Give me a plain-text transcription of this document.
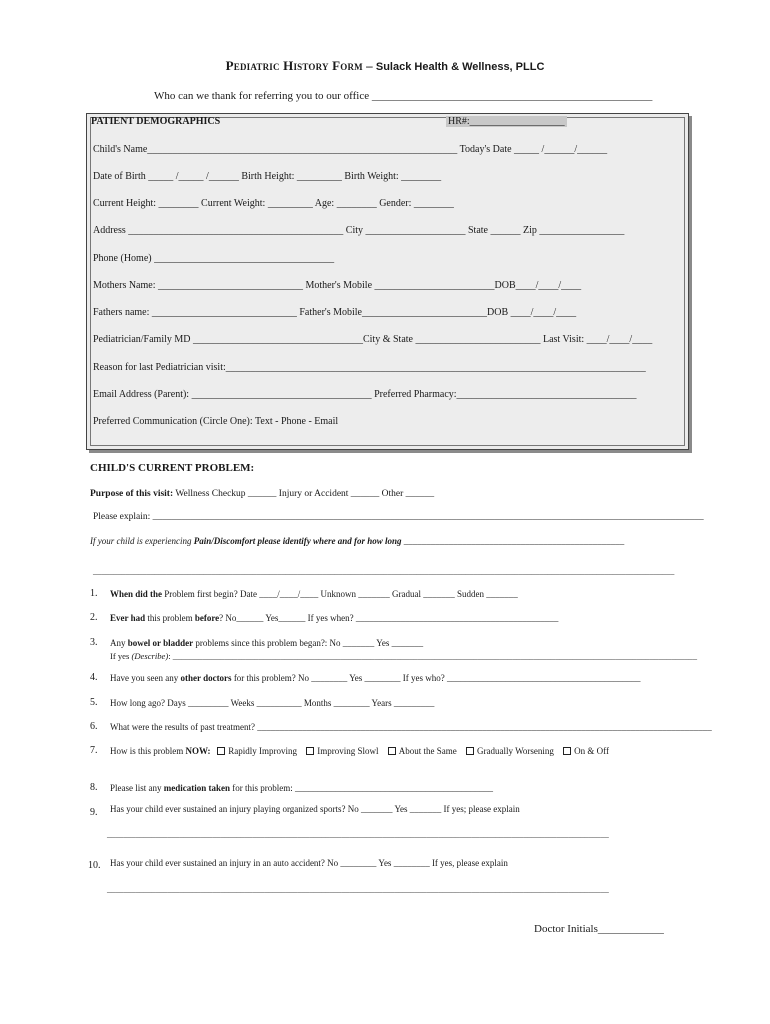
Pediatric History Form – Sulack Health & Wellness, PLLC
Who can we thank for referring you to our office ___________________________________________________
PATIENT DEMOGRAPHICS	HR#:___________________
Child's Name______________________________________________________________ Today's Date _____ /______/______
Date of Birth _____ /_____ /______ Birth Height: _________ Birth Weight: ________
Current Height: ________ Current Weight: _________ Age: ________ Gender: ________
Address ___________________________________________ City ____________________ State ______ Zip _________________
Phone (Home) ____________________________________
Mothers Name: _____________________________ Mother's Mobile ________________________DOB____/____/____
Fathers name: _____________________________ Father's Mobile_________________________DOB ____/____/____
Pediatrician/Family MD __________________________________City & State _________________________ Last Visit: ____/____/____
Reason for last Pediatrician visit:____________________________________________________________________________________
Email Address (Parent): ____________________________________ Preferred Pharmacy:____________________________________
Preferred Communication (Circle One): Text - Phone - Email
CHILD'S CURRENT PROBLEM:
Purpose of this visit: Wellness Checkup ______ Injury or Accident ______ Other ______
Please explain: ____________________________________________________________________________________________________________________
If your child is experiencing Pain/Discomfort please identify where and for how long _________________________________________________
______________________________________________________________________________________________________________________________________________
1. When did the Problem first begin? Date ____/____/____ Unknown _______ Gradual _______ Sudden _______
2. Ever had this problem before? No______ Yes______ If yes when? _____________________________________________
3. Any bowel or bladder problems since this problem began?: No _______ Yes _______
If yes (Describe): __________________________________________________________________________________________________________________________
4. Have you seen any other doctors for this problem? No ________ Yes ________ If yes who? ___________________________________________
5. How long ago? Days _________ Weeks __________ Months ________ Years _________
6. What were the results of past treatment? _____________________________________________________________________________________________________
7. How is this problem NOW: Rapidly Improving Improving Slowl About the Same Gradually Worsening On & Off
8. Please list any medication taken for this problem: ____________________________________________
9. Has your child ever sustained an injury playing organized sports? No _______ Yes _______ If yes; please explain
____________________________________________________________________________________________________________________________
10. Has your child ever sustained an injury in an auto accident? No ________ Yes ________ If yes, please explain
____________________________________________________________________________________________________________________________
Doctor Initials____________
